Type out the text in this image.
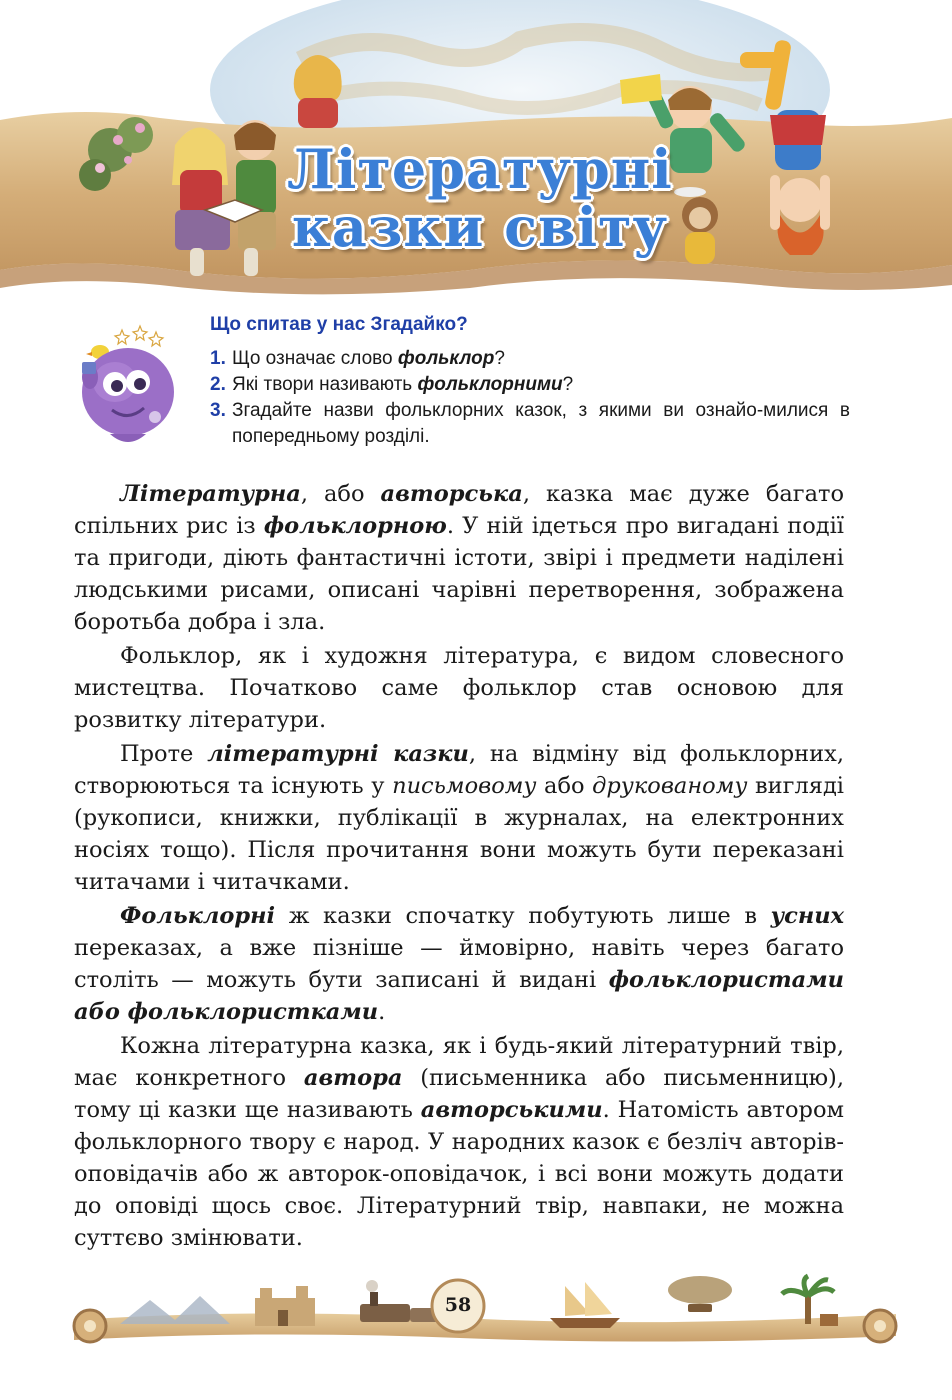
Літературні
казки світу
Що спитав у нас Згадайко?
1. Що означає слово фольклор?
2. Які твори називають фольклорними?
3. Згадайте назви фольклорних казок, з якими ви ознайо-милися в попередньому розділі.

Літературна, або авторська, казка має дуже багато спільних рис із фольклорною. У ній ідеться про вигадані події та пригоди, діють фантастичні істоти, звірі і предмети наділені людськими рисами, описані чарівні перетворення, зображена боротьба добра і зла.

Фольклор, як і художня література, є видом словесного мистецтва. Початково саме фольклор став основою для розвитку літератури.

Проте літературні казки, на відміну від фольклорних, створюються та існують у письмовому або друкованому вигляді (рукописи, книжки, публікації в журналах, на електронних носіях тощо). Після прочитання вони можуть бути переказані читачами і читачками.

Фольклорні ж казки спочатку побутують лише в усних переказах, а вже пізніше — ймовірно, навіть через багато століть — можуть бути записані й видані фольклористами або фольклористками.

Кожна літературна казка, як і будь-який літературний твір, має конкретного автора (письменника або письменницю), тому ці казки ще називають авторськими. Натомість автором фольклорного твору є народ. У народних казок є безліч авторів-оповідачів або ж авторок-оповідачок, і всі вони можуть додати до оповіді щось своє. Літературний твір, навпаки, не можна суттєво змінювати.

58
